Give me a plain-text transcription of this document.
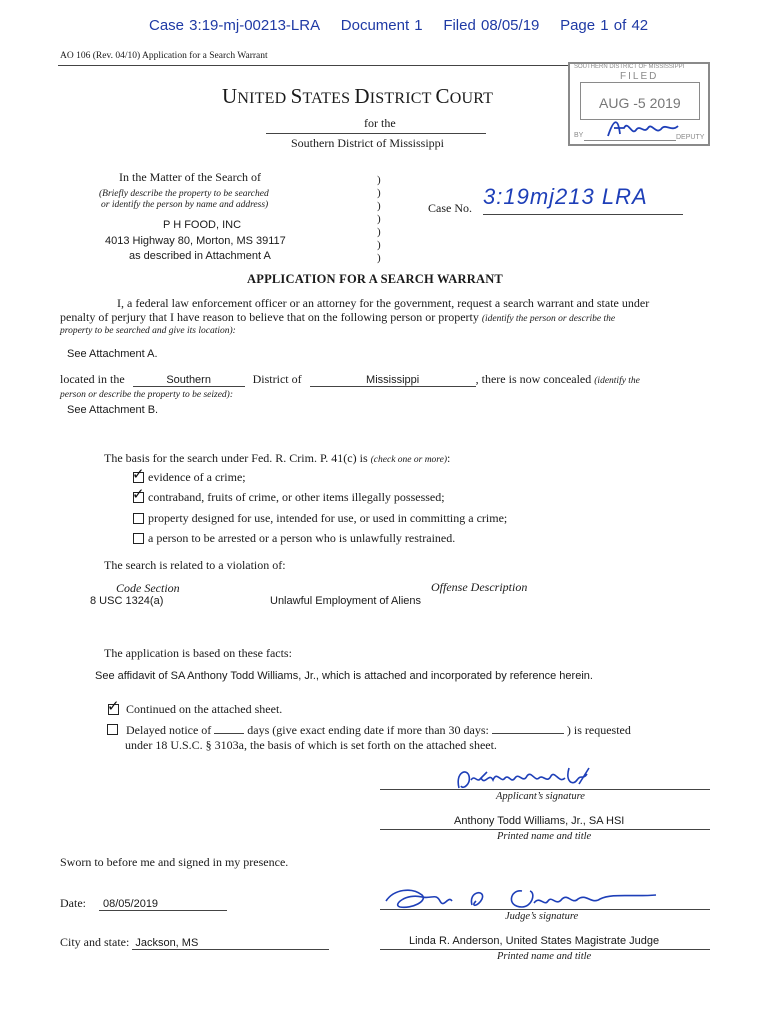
Case 3:19-mj-00213-LRA Document 1 Filed 08/05/19 Page 1 of 42
AO 106 (Rev. 04/10) Application for a Search Warrant
UNITED STATES DISTRICT COURT
for the
Southern District of Mississippi
SOUTHERN DISTRICT OF MISSISSIPPI
FILED
AUG -5 2019
BY	DEPUTY
In the Matter of the Search of
(Briefly describe the property to be searched
or identify the person by name and address)
P H FOOD, INC
4013 Highway 80, Morton, MS 39117
as described in Attachment A
)
)
)
)
)
)
)
Case No. 3:19mj213 LRA
APPLICATION FOR A SEARCH WARRANT
I, a federal law enforcement officer or an attorney for the government, request a search warrant and state under
penalty of perjury that I have reason to believe that on the following person or property (identify the person or describe the
property to be searched and give its location):
See Attachment A.
located in the	Southern	District of	Mississippi	, there is now concealed (identify the
person or describe the property to be seized):
See Attachment B.
The basis for the search under Fed. R. Crim. P. 41(c) is (check one or more):
✓ evidence of a crime;
✓ contraband, fruits of crime, or other items illegally possessed;
property designed for use, intended for use, or used in committing a crime;
a person to be arrested or a person who is unlawfully restrained.
The search is related to a violation of:
Code Section	Offense Description
8 USC 1324(a)	Unlawful Employment of Aliens
The application is based on these facts:
See affidavit of SA Anthony Todd Williams, Jr., which is attached and incorporated by reference herein.
✓ Continued on the attached sheet.
Delayed notice of	days (give exact ending date if more than 30 days:	) is requested
under 18 U.S.C. § 3103a, the basis of which is set forth on the attached sheet.
Applicant’s signature
Anthony Todd Williams, Jr., SA HSI
Printed name and title
Sworn to before me and signed in my presence.
Date: 08/05/2019
City and state: Jackson, MS
Judge’s signature
Linda R. Anderson, United States Magistrate Judge
Printed name and title
